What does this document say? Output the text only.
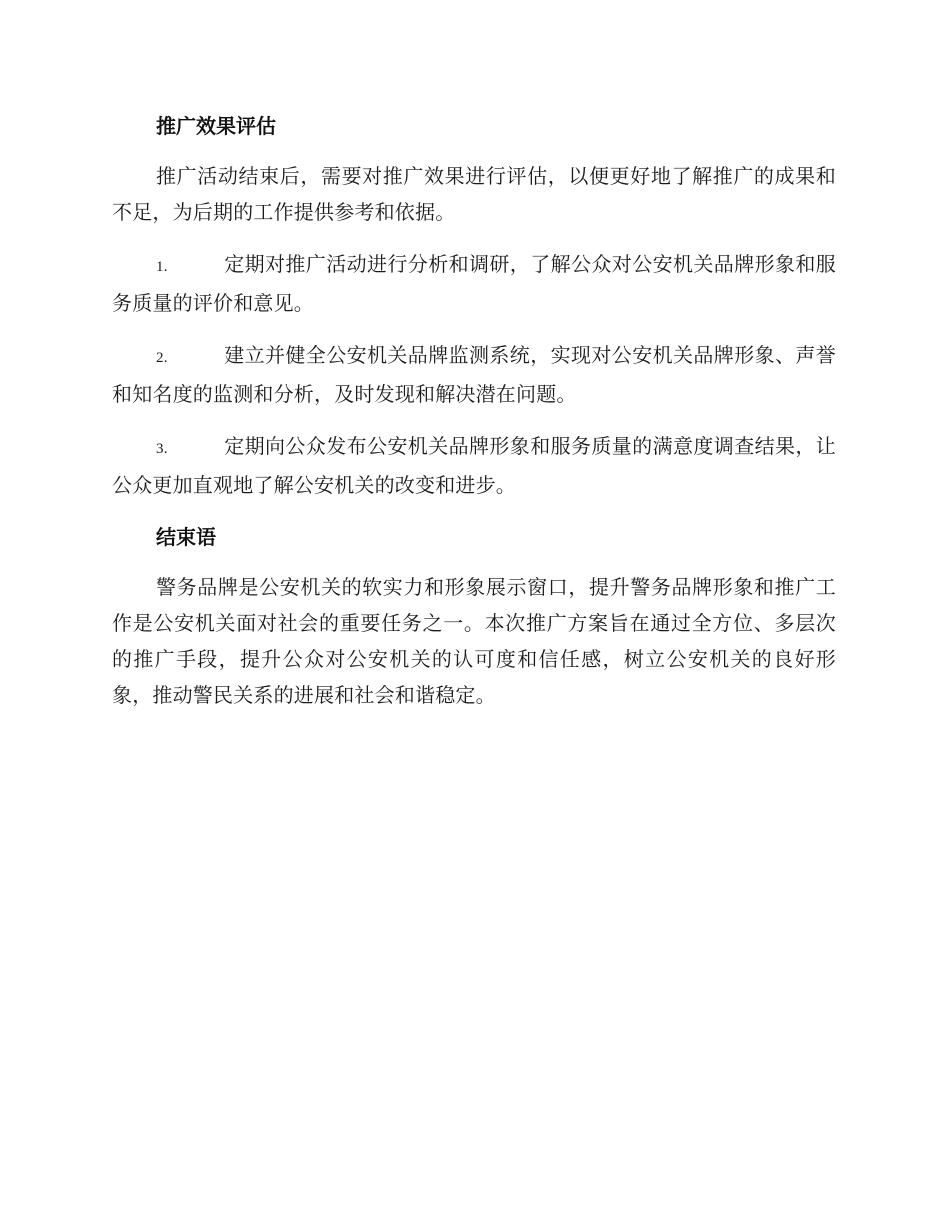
推广效果评估

推广活动结束后，需要对推广效果进行评估，以便更好地了解推广的成果和不足，为后期的工作提供参考和依据。

1.	定期对推广活动进行分析和调研，了解公众对公安机关品牌形象和服务质量的评价和意见。

2.	建立并健全公安机关品牌监测系统，实现对公安机关品牌形象、声誉和知名度的监测和分析，及时发现和解决潜在问题。

3.	定期向公众发布公安机关品牌形象和服务质量的满意度调查结果，让公众更加直观地了解公安机关的改变和进步。

结束语

警务品牌是公安机关的软实力和形象展示窗口，提升警务品牌形象和推广工作是公安机关面对社会的重要任务之一。本次推广方案旨在通过全方位、多层次的推广手段，提升公众对公安机关的认可度和信任感，树立公安机关的良好形象，推动警民关系的进展和社会和谐稳定。
